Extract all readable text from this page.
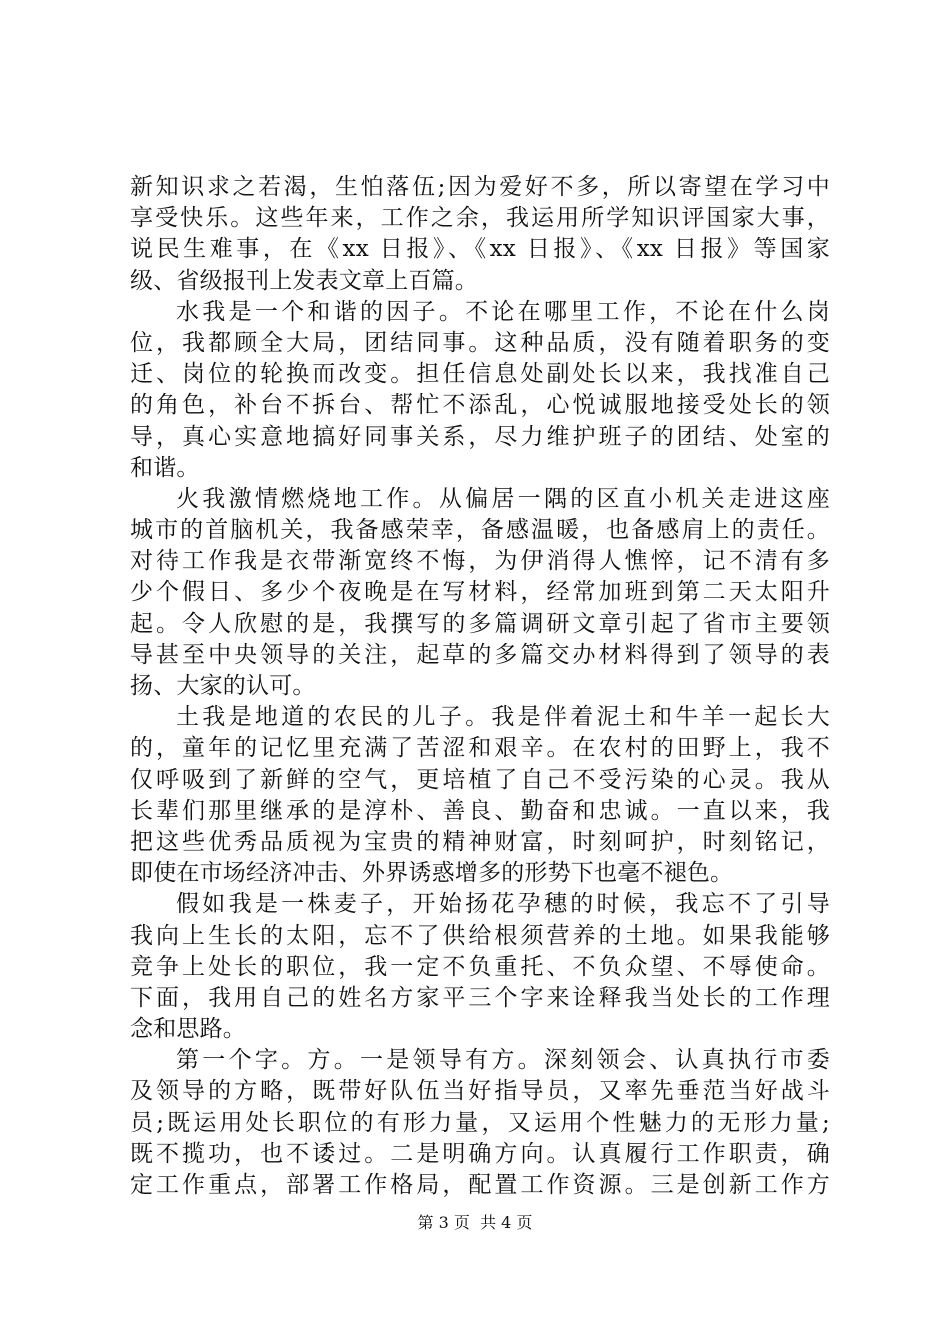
新知识求之若渴，生怕落伍;因为爱好不多，所以寄望在学习中
享受快乐。这些年来，工作之余，我运用所学知识评国家大事，
说民生难事，在《xx 日报》、《xx 日报》、《xx 日报》等国家
级、省级报刊上发表文章上百篇。
水我是一个和谐的因子。不论在哪里工作，不论在什么岗
位，我都顾全大局，团结同事。这种品质，没有随着职务的变
迁、岗位的轮换而改变。担任信息处副处长以来，我找准自己
的角色，补台不拆台、帮忙不添乱，心悦诚服地接受处长的领
导，真心实意地搞好同事关系，尽力维护班子的团结、处室的
和谐。
火我激情燃烧地工作。从偏居一隅的区直小机关走进这座
城市的首脑机关，我备感荣幸，备感温暖，也备感肩上的责任。
对待工作我是衣带渐宽终不悔，为伊消得人憔悴，记不清有多
少个假日、多少个夜晚是在写材料，经常加班到第二天太阳升
起。令人欣慰的是，我撰写的多篇调研文章引起了省市主要领
导甚至中央领导的关注，起草的多篇交办材料得到了领导的表
扬、大家的认可。
土我是地道的农民的儿子。我是伴着泥土和牛羊一起长大
的，童年的记忆里充满了苦涩和艰辛。在农村的田野上，我不
仅呼吸到了新鲜的空气，更培植了自己不受污染的心灵。我从
长辈们那里继承的是淳朴、善良、勤奋和忠诚。一直以来，我
把这些优秀品质视为宝贵的精神财富，时刻呵护，时刻铭记，
即使在市场经济冲击、外界诱惑增多的形势下也毫不褪色。
假如我是一株麦子，开始扬花孕穗的时候，我忘不了引导
我向上生长的太阳，忘不了供给根须营养的土地。如果我能够
竞争上处长的职位，我一定不负重托、不负众望、不辱使命。
下面，我用自己的姓名方家平三个字来诠释我当处长的工作理
念和思路。
第一个字。方。一是领导有方。深刻领会、认真执行市委
及领导的方略，既带好队伍当好指导员，又率先垂范当好战斗
员;既运用处长职位的有形力量，又运用个性魅力的无形力量;
既不揽功，也不诿过。二是明确方向。认真履行工作职责，确
定工作重点，部署工作格局，配置工作资源。三是创新工作方
第 3 页  共 4 页
